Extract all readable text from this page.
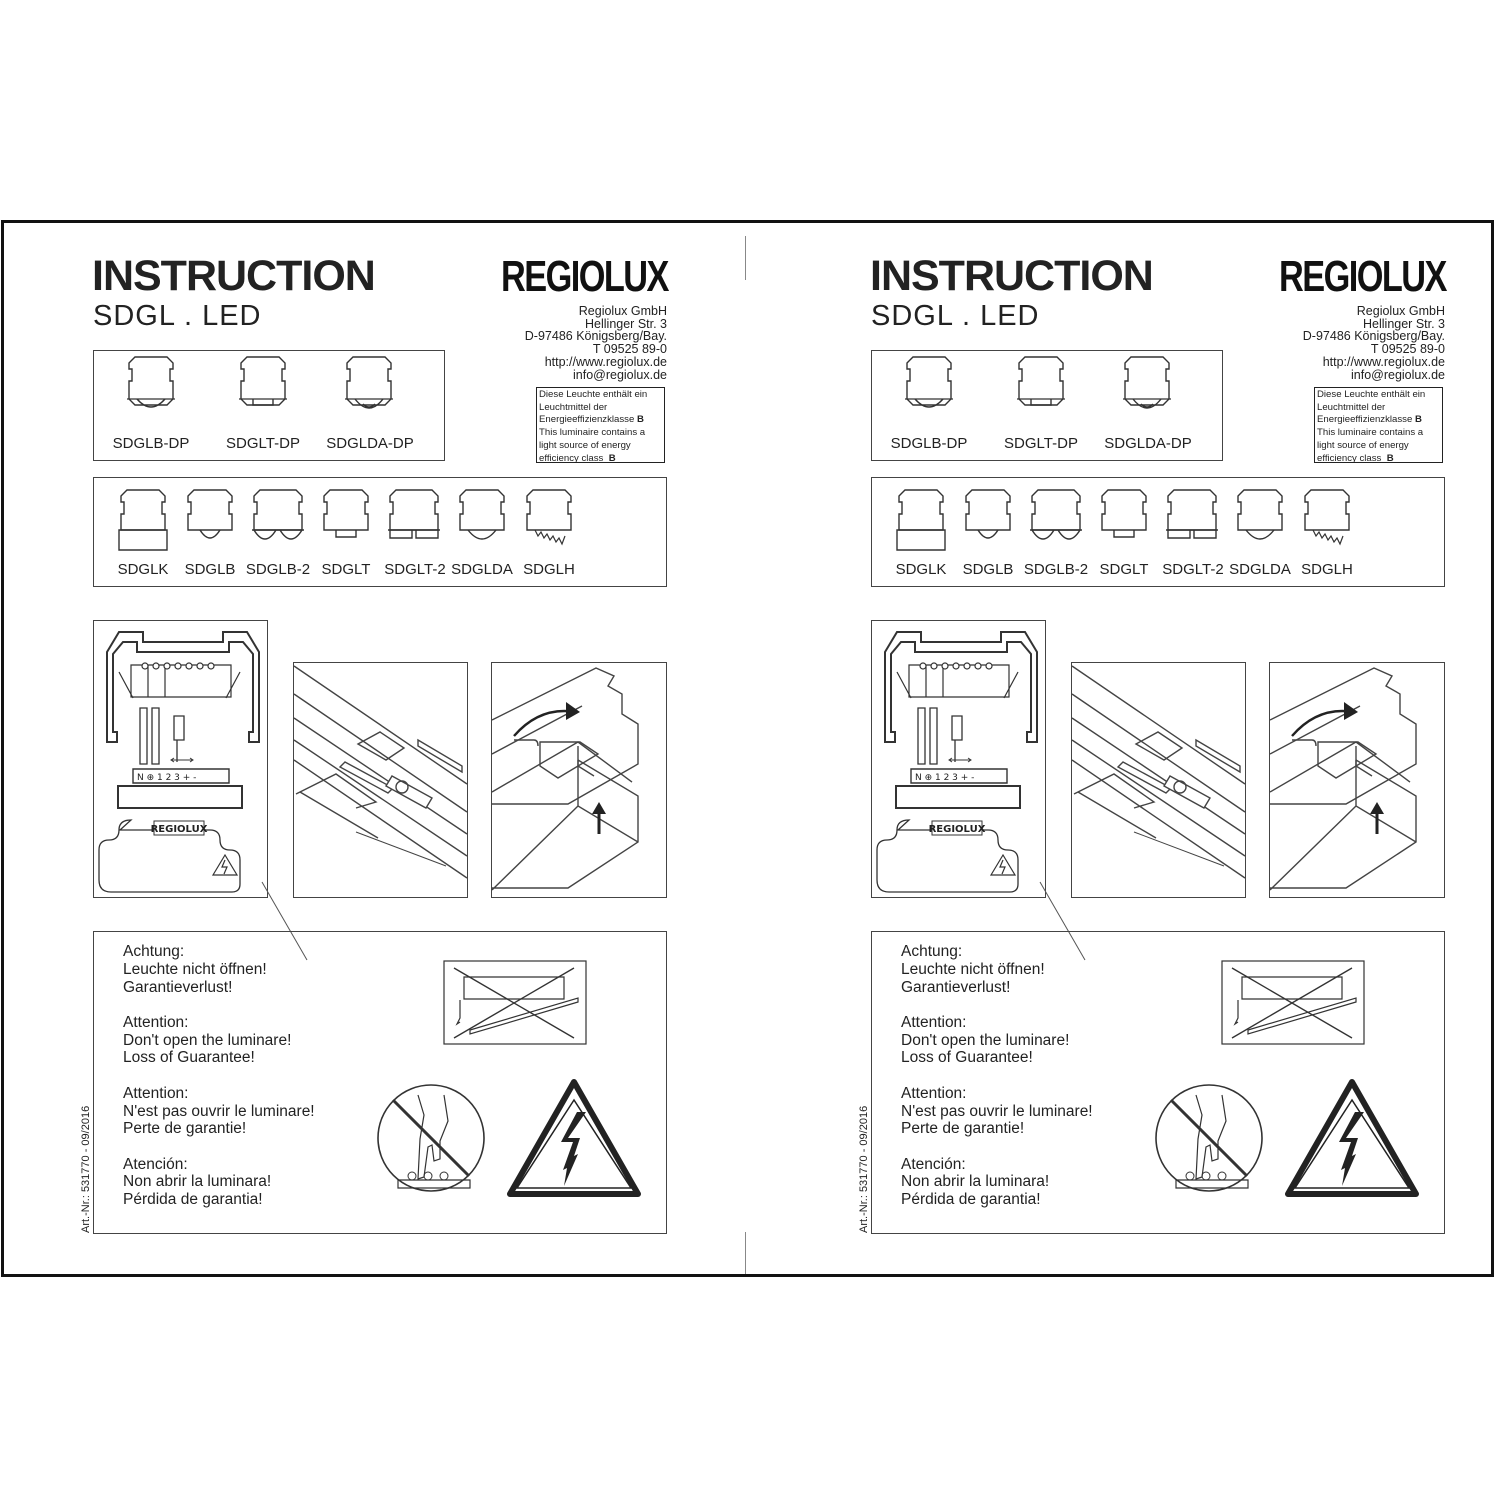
INSTRUCTION
SDGL . LED
REGIOLUX
Regiolux GmbH
Hellinger Str. 3
D-97486 Königsberg/Bay.
T 09525 89-0
http://www.regiolux.de
info@regiolux.de
Diese Leuchte enthält ein
Leuchtmittel der
Energieeffizienzklasse B
This luminaire contains a
light source of energy
efficiency class B
SDGLB-DP	SDGLT-DP	SDGLDA-DP
SDGLK	SDGLB SDGLB-2 SDGLT SDGLT-2 SDGLDA SDGLH
N ⊕ 1 2 3 + -
REGIOLUX

Achtung:
Leuchte nicht öffnen!
Garantieverlust!

Attention:
Don't open the luminare!
Loss of Guarantee!

Attention:
N'est pas ouvrir le luminare!
Perte de garantie!

Atención:
Non abrir la luminara!
Pérdida de garantia!

Art.-Nr.: 531770 - 09/2016
INSTRUCTION
SDGL . LED
REGIOLUX
Regiolux GmbH
Hellinger Str. 3
D-97486 Königsberg/Bay.
T 09525 89-0
http://www.regiolux.de
info@regiolux.de
Diese Leuchte enthält ein
Leuchtmittel der
Energieeffizienzklasse B
This luminaire contains a
light source of energy
efficiency class B
SDGLB-DP	SDGLT-DP	SDGLDA-DP
SDGLK	SDGLB SDGLB-2 SDGLT SDGLT-2 SDGLDA SDGLH
N ⊕ 1 2 3 + -
REGIOLUX

Achtung:
Leuchte nicht öffnen!
Garantieverlust!

Attention:
Don't open the luminare!
Loss of Guarantee!

Attention:
N'est pas ouvrir le luminare!
Perte de garantie!

Atención:
Non abrir la luminara!
Pérdida de garantia!

Art.-Nr.: 531770 - 09/2016
